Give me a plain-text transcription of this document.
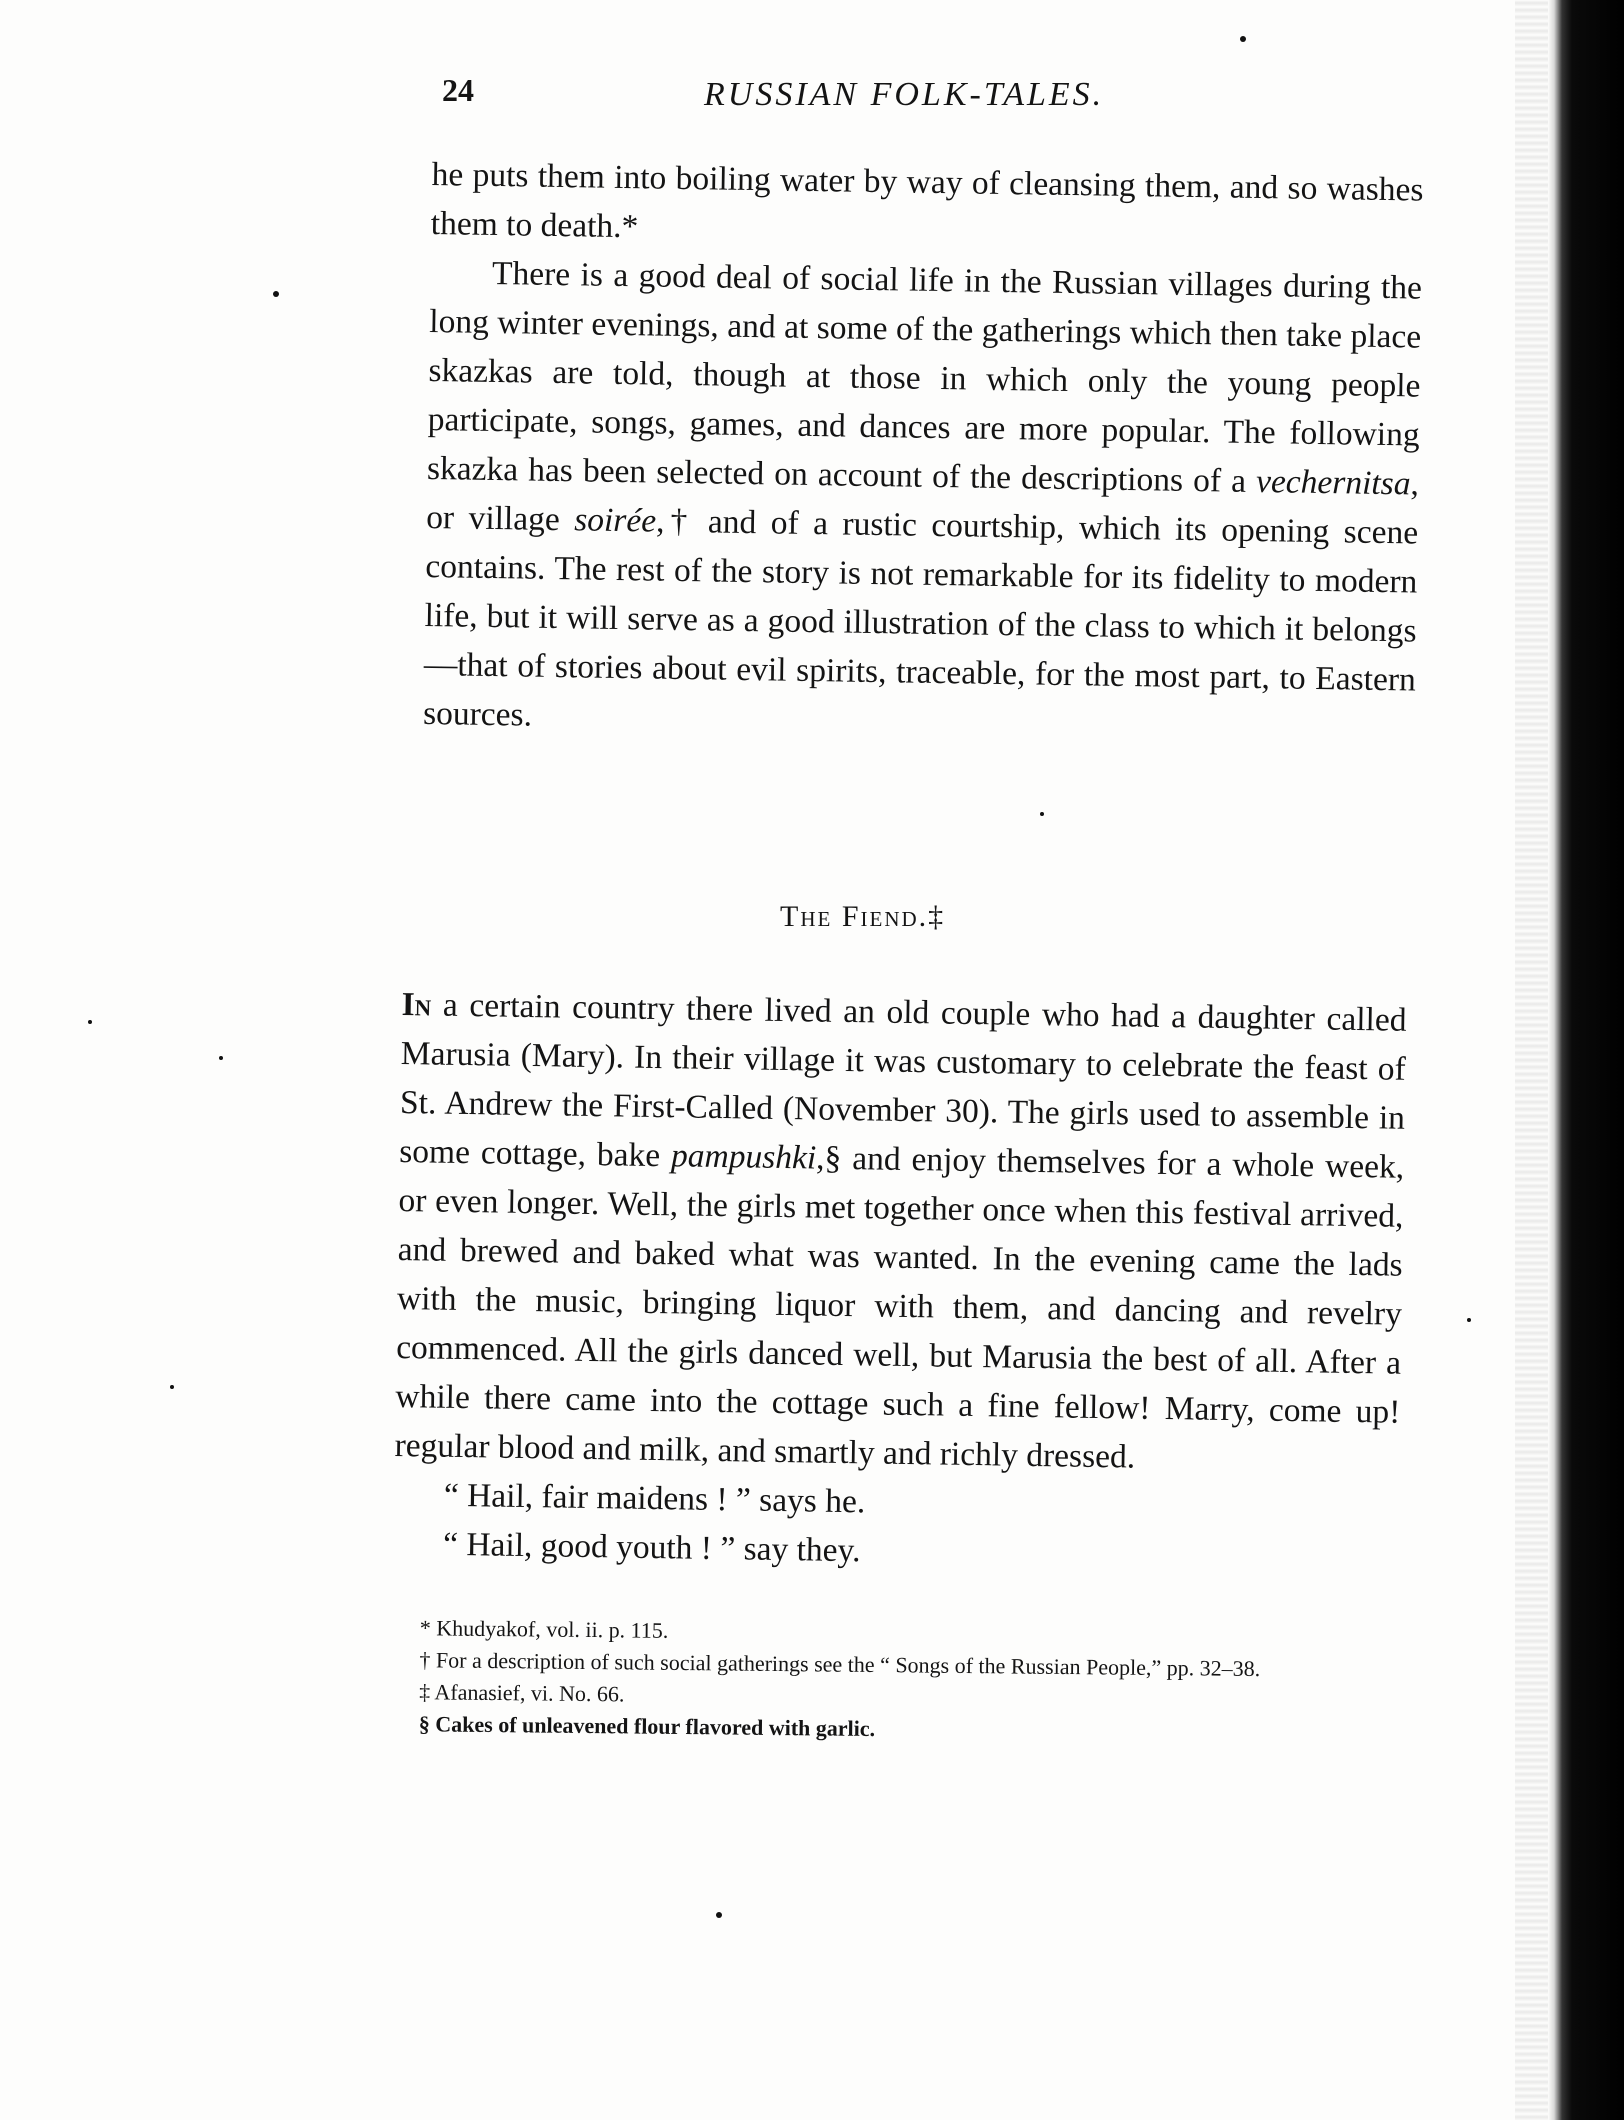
24	RUSSIAN FOLK-TALES.

he puts them into boiling water by way of cleansing them, and so washes them to death.*

There is a good deal of social life in the Russian villages during the long winter evenings, and at some of the gatherings which then take place skazkas are told, though at those in which only the young people participate, songs, games, and dances are more popular. The following skazka has been selected on account of the descriptions of a vechernitsa, or village soirée,† and of a rustic courtship, which its opening scene contains. The rest of the story is not remarkable for its fidelity to modern life, but it will serve as a good illustration of the class to which it belongs —that of stories about evil spirits, traceable, for the most part, to Eastern sources.

The Fiend.‡

In a certain country there lived an old couple who had a daughter called Marusia (Mary). In their village it was customary to celebrate the feast of St. Andrew the First-Called (November 30). The girls used to assemble in some cottage, bake pampushki,§ and enjoy themselves for a whole week, or even longer. Well, the girls met together once when this festival arrived, and brewed and baked what was wanted. In the evening came the lads with the music, bringing liquor with them, and dancing and revelry commenced. All the girls danced well, but Marusia the best of all. After a while there came into the cottage such a fine fellow! Marry, come up! regular blood and milk, and smartly and richly dressed.

“ Hail, fair maidens ! ” says he.

“ Hail, good youth ! ” say they.

* Khudyakof, vol. ii. p. 115.

† For a description of such social gatherings see the “ Songs of the Russian People,” pp. 32–38.

‡ Afanasief, vi. No. 66.

§ Cakes of unleavened flour flavored with garlic.
